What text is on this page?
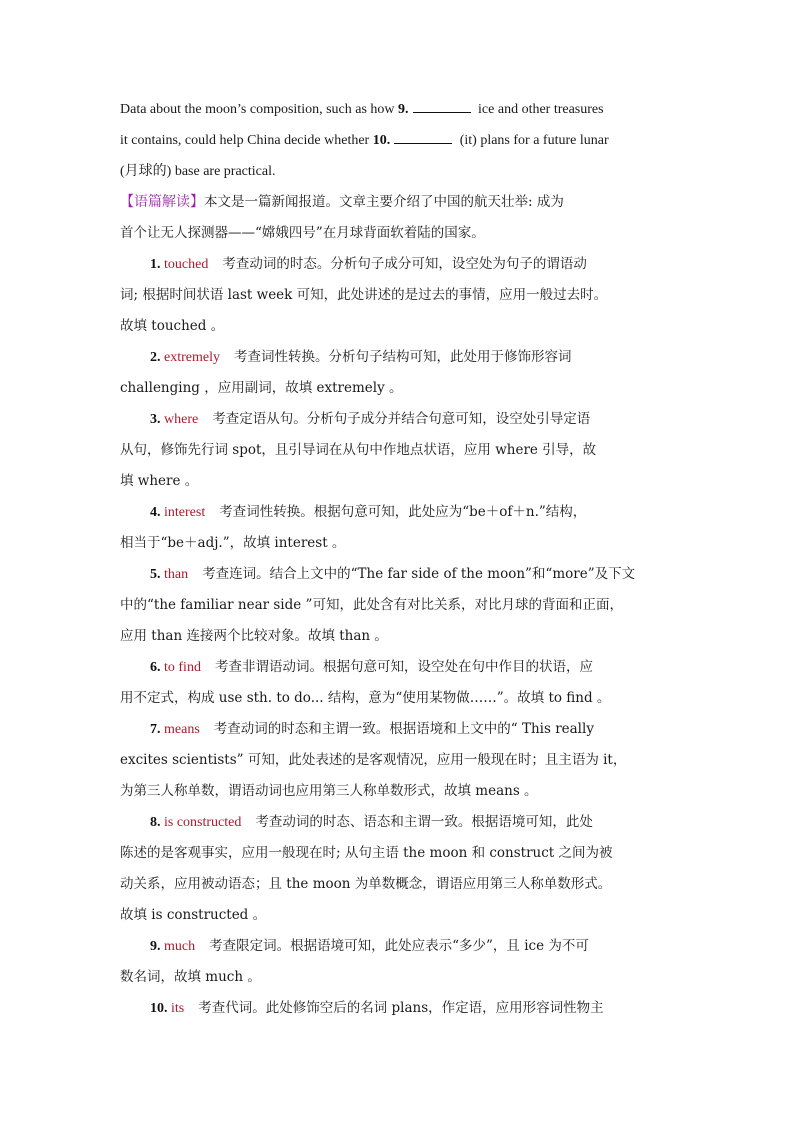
Data about the moon’s composition, such as how 9.	ice and other treasures
it contains, could help China decide whether 10.	(it) plans for a future lunar
(月球的) base are practical.
【语篇解读】本文是一篇新闻报道。文章主要介绍了中国的航天壮举: 成为
首个让无人探测器——“嫦娥四号”在月球背面软着陆的国家。
1. touched 考查动词的时态。分析句子成分可知，设空处为句子的谓语动
词; 根据时间状语 last week 可知，此处讲述的是过去的事情，应用一般过去时。
故填 touched 。
2. extremely 考查词性转换。分析句子结构可知，此处用于修饰形容词
challenging ，应用副词，故填 extremely 。
3. where 考查定语从句。分析句子成分并结合句意可知，设空处引导定语
从句，修饰先行词 spot，且引导词在从句中作地点状语，应用 where 引导，故
填 where 。
4. interest 考查词性转换。根据句意可知，此处应为“be＋of＋n.”结构，
相当于“be＋adj.”，故填 interest 。
5. than 考查连词。结合上文中的“The far side of the moon”和“more”及下文
中的“the familiar near side ”可知，此处含有对比关系，对比月球的背面和正面，
应用 than 连接两个比较对象。故填 than 。
6. to find 考查非谓语动词。根据句意可知，设空处在句中作目的状语，应
用不定式，构成 use sth. to do... 结构，意为“使用某物做……”。故填 to find 。
7. means 考查动词的时态和主谓一致。根据语境和上文中的“ This really
excites scientists” 可知，此处表述的是客观情况，应用一般现在时；且主语为 it，
为第三人称单数，谓语动词也应用第三人称单数形式，故填 means 。
8. is constructed 考查动词的时态、语态和主谓一致。根据语境可知，此处
陈述的是客观事实，应用一般现在时; 从句主语 the moon 和 construct 之间为被
动关系，应用被动语态；且 the moon 为单数概念，谓语应用第三人称单数形式。
故填 is constructed 。
9. much 考查限定词。根据语境可知，此处应表示“多少”，且 ice 为不可
数名词，故填 much 。
10. its 考查代词。此处修饰空后的名词 plans，作定语，应用形容词性物主
